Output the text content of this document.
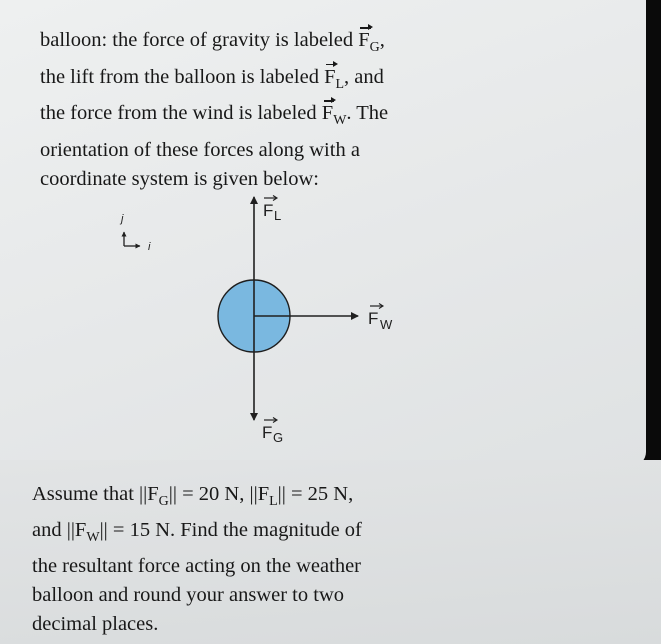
balloon: the force of gravity is labeled $F_G$,
the lift from the balloon is labeled $F_L$, and
the force from the wind is labeled $F_W$. The
orientation of these forces along with a
coordinate system is given below:

j
i
F L
F G
F W

Assume that $||F_G|| = 20$ N, $||F_L|| = 25$ N,
and $||F_W|| = 15$ N. Find the magnitude of
the resultant force acting on the weather
balloon and round your answer to two
decimal places.
